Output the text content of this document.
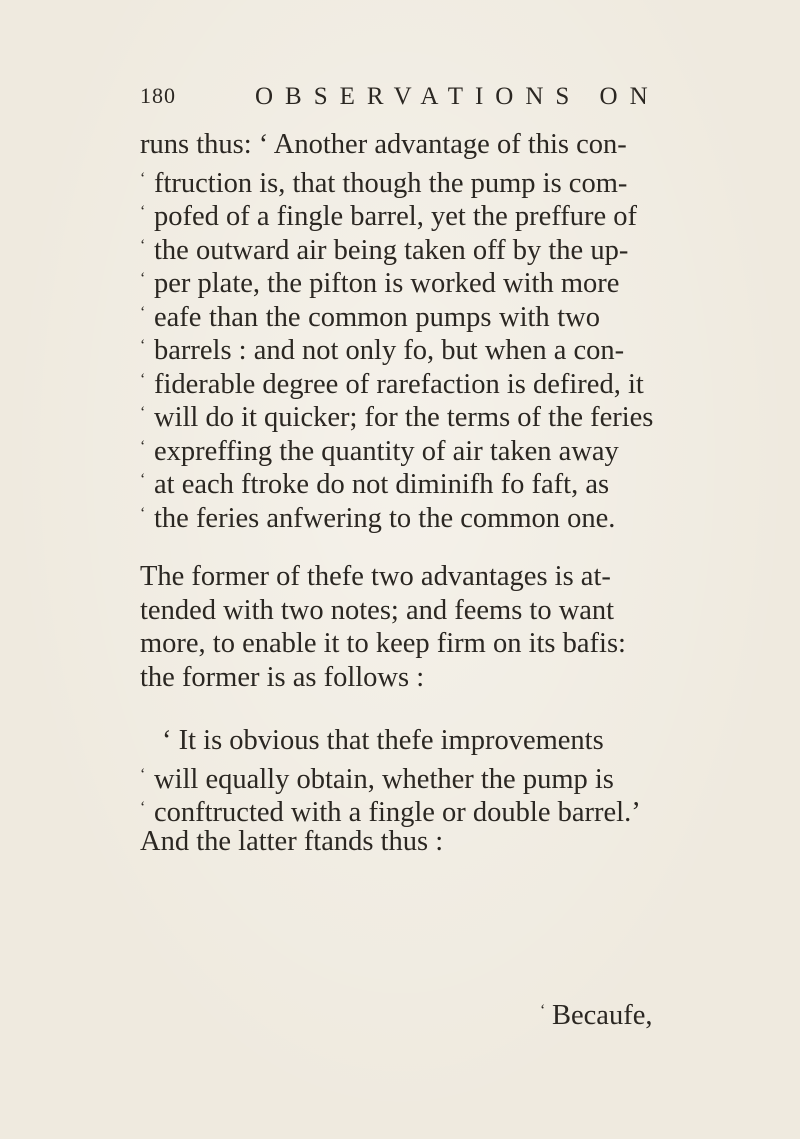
180	OBSERVATIONS ON
runs thus: ‘ Another advantage of this con-
‘ ftruction is, that though the pump is com-
‘ pofed of a fingle barrel, yet the preffure of
‘ the outward air being taken off by the up-
‘ per plate, the pifton is worked with more
‘ eafe than the common pumps with two
‘ barrels : and not only fo, but when a con-
‘ fiderable degree of rarefaction is defired, it
‘ will do it quicker; for the terms of the feries
‘ expreffing the quantity of air taken away
‘ at each ftroke do not diminifh fo faft, as
‘ the feries anfwering to the common one.
The former of thefe two advantages is at-
tended with two notes; and feems to want
more, to enable it to keep firm on its bafis:
the former is as follows :
‘ It is obvious that thefe improvements
‘ will equally obtain, whether the pump is
‘ conftructed with a fingle or double barrel.’
And the latter ftands thus :
‘ Becaufe,
